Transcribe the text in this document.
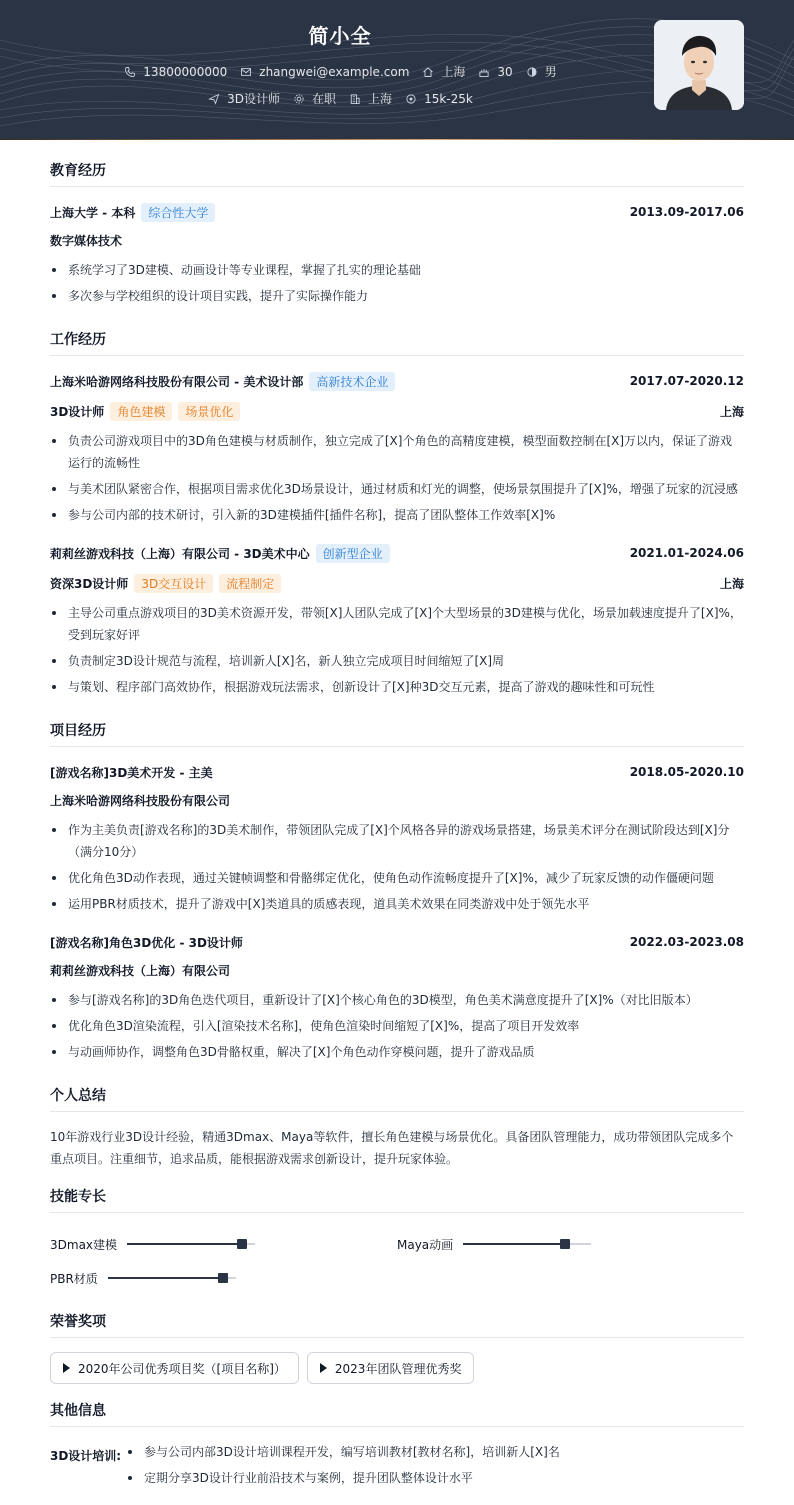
简小全
13800000000	zhangwei@example.com	上海	30	男
3D设计师	在职	上海	15k-25k
教育经历
上海大学 - 本科	综合性大学	2013.09-2017.06
数字媒体技术
系统学习了3D建模、动画设计等专业课程，掌握了扎实的理论基础
多次参与学校组织的设计项目实践，提升了实际操作能力
工作经历
上海米哈游网络科技股份有限公司 - 美术设计部	高新技术企业	2017.07-2020.12
3D设计师	角色建模	场景优化	上海
负责公司游戏项目中的3D角色建模与材质制作，独立完成了[X]个角色的高精度建模，模型面数控制在[X]万以内，保证了游戏运行的流畅性
与美术团队紧密合作，根据项目需求优化3D场景设计，通过材质和灯光的调整，使场景氛围提升了[X]%，增强了玩家的沉浸感
参与公司内部的技术研讨，引入新的3D建模插件[插件名称]，提高了团队整体工作效率[X]%
莉莉丝游戏科技（上海）有限公司 - 3D美术中心	创新型企业	2021.01-2024.06
资深3D设计师	3D交互设计	流程制定	上海
主导公司重点游戏项目的3D美术资源开发，带领[X]人团队完成了[X]个大型场景的3D建模与优化，场景加载速度提升了[X]%，受到玩家好评
负责制定3D设计规范与流程，培训新人[X]名，新人独立完成项目时间缩短了[X]周
与策划、程序部门高效协作，根据游戏玩法需求，创新设计了[X]种3D交互元素，提高了游戏的趣味性和可玩性
项目经历
[游戏名称]3D美术开发 - 主美	2018.05-2020.10
上海米哈游网络科技股份有限公司
作为主美负责[游戏名称]的3D美术制作，带领团队完成了[X]个风格各异的游戏场景搭建，场景美术评分在测试阶段达到[X]分（满分10分）
优化角色3D动作表现，通过关键帧调整和骨骼绑定优化，使角色动作流畅度提升了[X]%，减少了玩家反馈的动作僵硬问题
运用PBR材质技术，提升了游戏中[X]类道具的质感表现，道具美术效果在同类游戏中处于领先水平
[游戏名称]角色3D优化 - 3D设计师	2022.03-2023.08
莉莉丝游戏科技（上海）有限公司
参与[游戏名称]的3D角色迭代项目，重新设计了[X]个核心角色的3D模型，角色美术满意度提升了[X]%（对比旧版本）
优化角色3D渲染流程，引入[渲染技术名称]，使角色渲染时间缩短了[X]%，提高了项目开发效率
与动画师协作，调整角色3D骨骼权重，解决了[X]个角色动作穿模问题，提升了游戏品质
个人总结
10年游戏行业3D设计经验，精通3Dmax、Maya等软件，擅长角色建模与场景优化。具备团队管理能力，成功带领团队完成多个重点项目。注重细节，追求品质，能根据游戏需求创新设计，提升玩家体验。
技能专长
3Dmax建模	Maya动画
PBR材质
荣誉奖项
2020年公司优秀项目奖（[项目名称]）	2023年团队管理优秀奖
其他信息
3D设计培训:	参与公司内部3D设计培训课程开发，编写培训教材[教材名称]，培训新人[X]名
定期分享3D设计行业前沿技术与案例，提升团队整体设计水平
